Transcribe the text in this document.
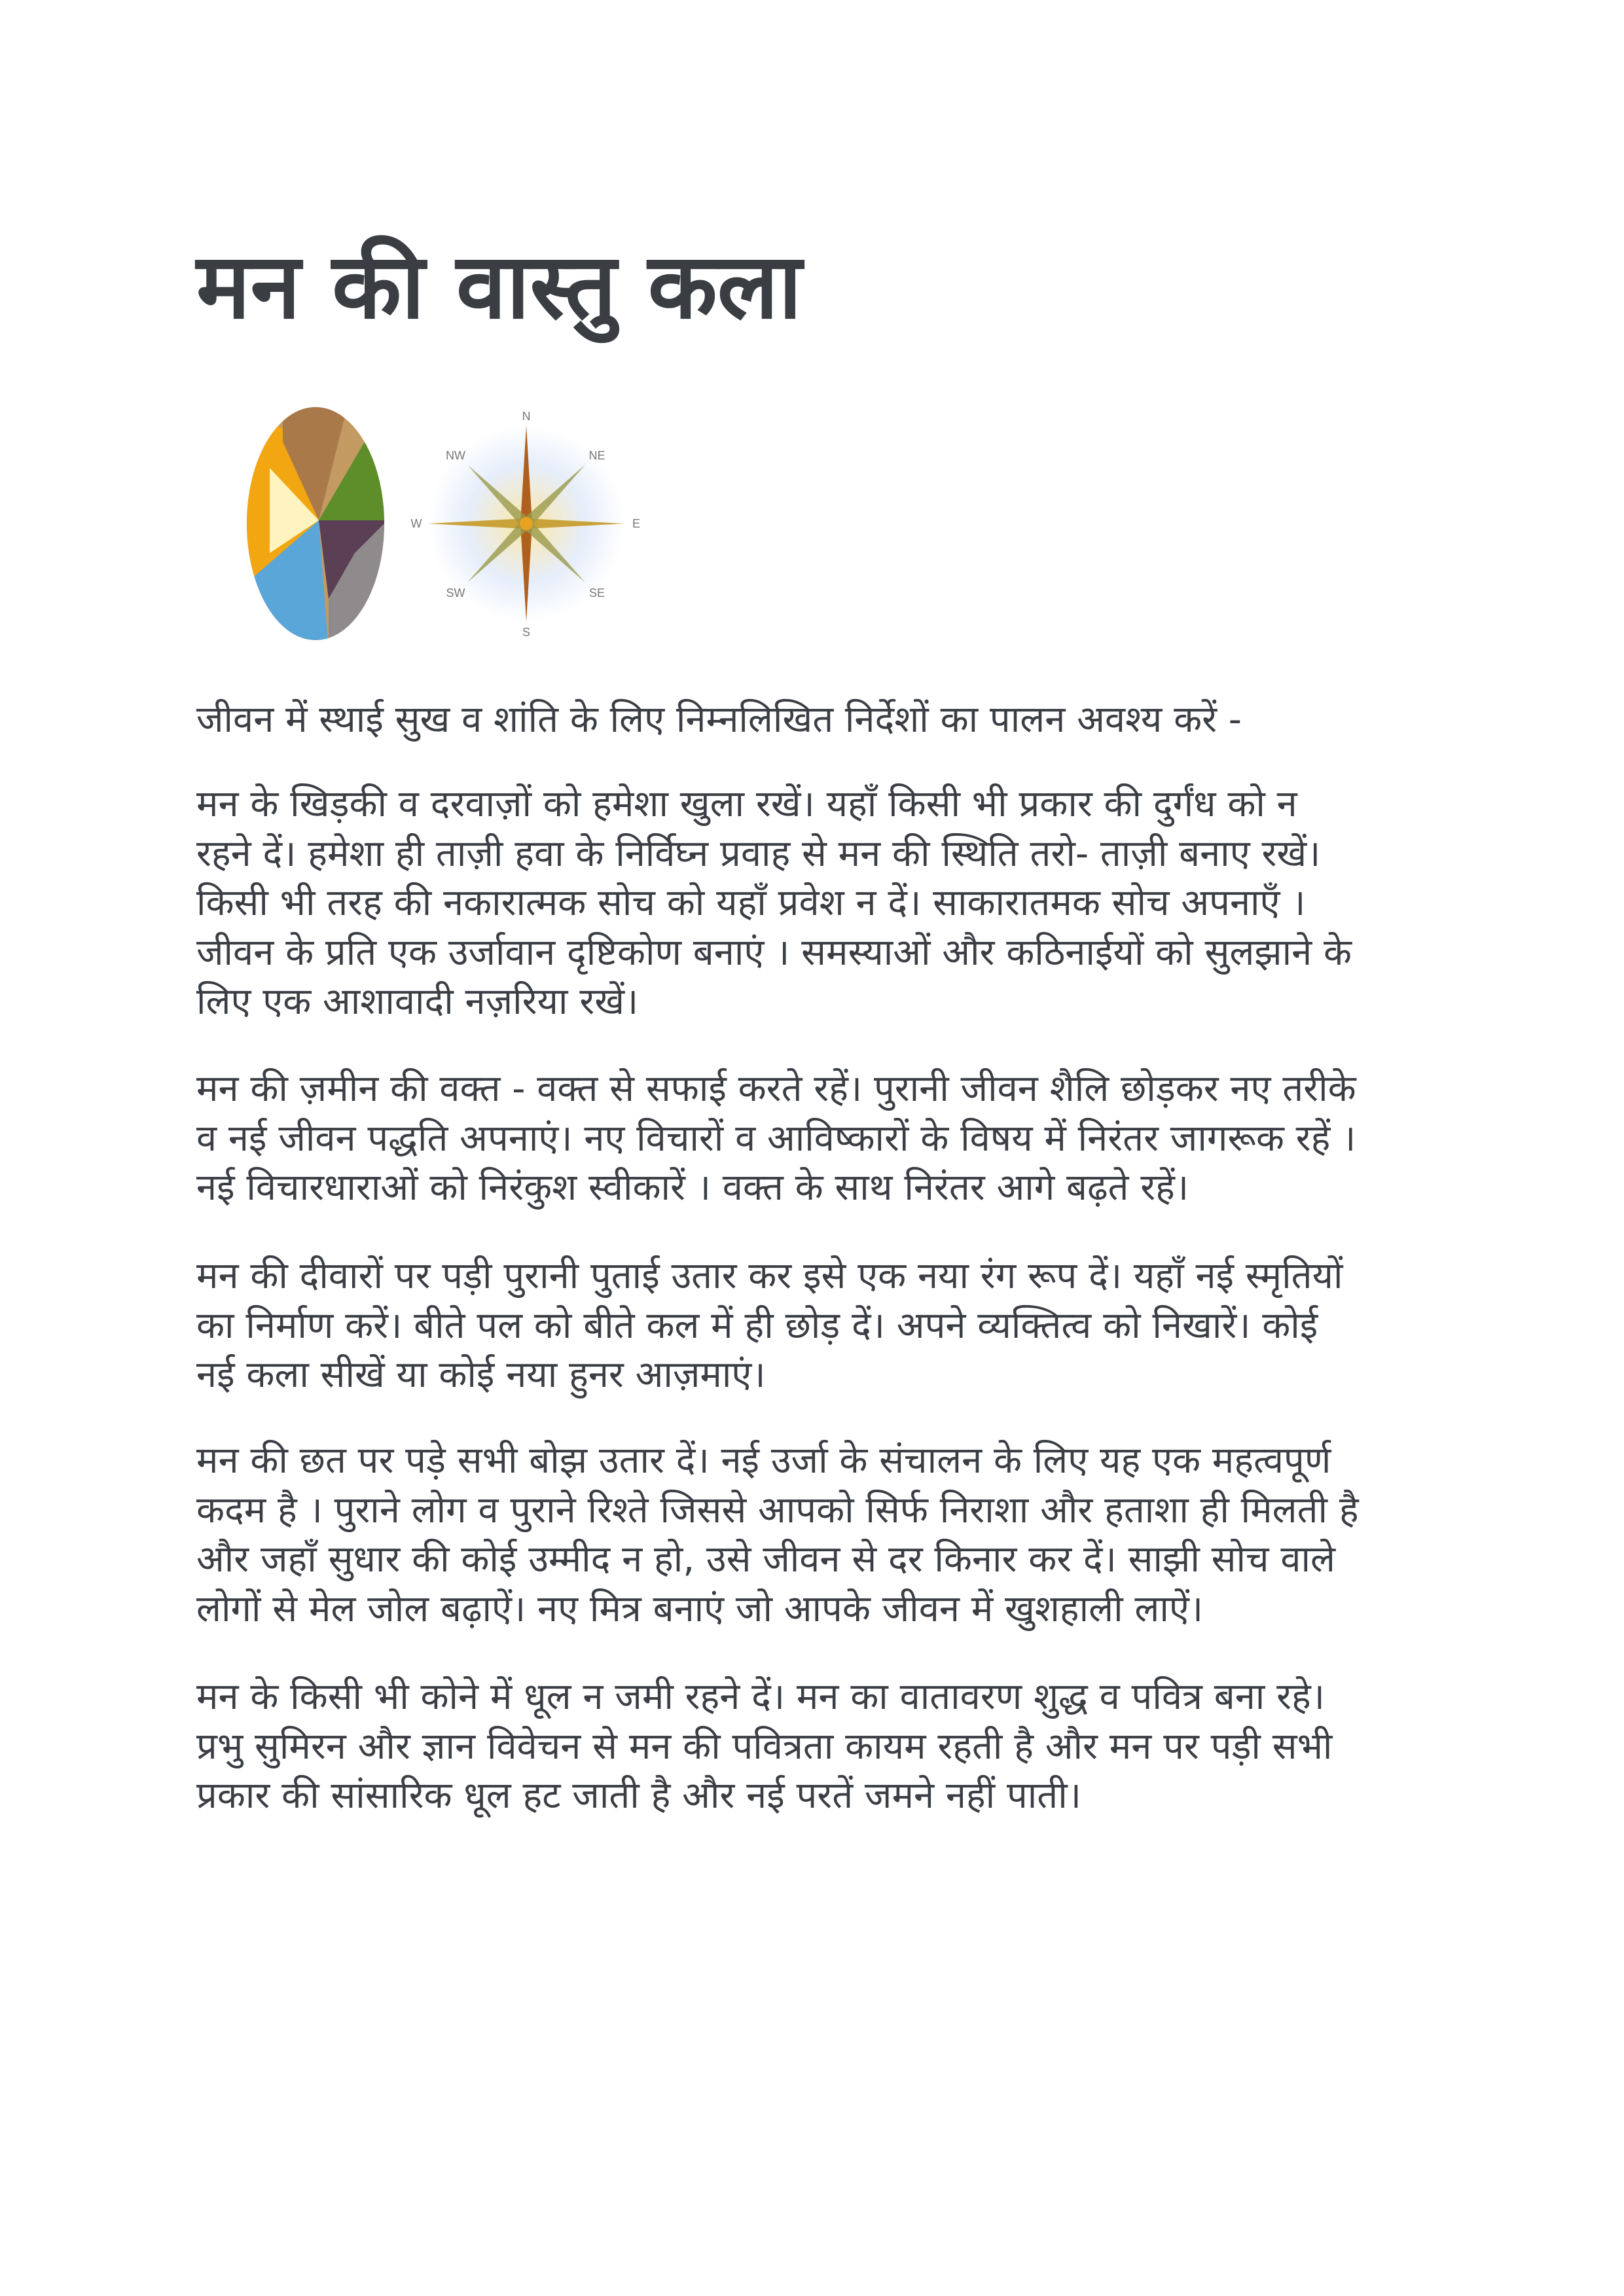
मन की वास्तु कला
N
S
E
W
NE
NW
SE
SW
जीवन में स्थाई सुख व शांति के लिए निम्नलिखित निर्देशों का पालन अवश्य करें -
मन के खिड़की व दरवाज़ों को हमेशा खुला रखें। यहाँ किसी भी प्रकार की दुर्गंध को न
रहने दें। हमेशा ही ताज़ी हवा के निर्विघ्न प्रवाह से मन की स्थिति तरो- ताज़ी बनाए रखें।
किसी भी तरह की नकारात्मक सोच को यहाँ प्रवेश न दें। साकारातमक सोच अपनाएँ ।
जीवन के प्रति एक उर्जावान दृष्टिकोण बनाएं । समस्याओं और कठिनाईयों को सुलझाने के
लिए एक आशावादी नज़रिया रखें।
मन की ज़मीन की वक्त - वक्त से सफाई करते रहें। पुरानी जीवन शैलि छोड़कर नए तरीके
व नई जीवन पद्धति अपनाएं। नए विचारों व आविष्कारों के विषय में निरंतर जागरूक रहें ।
नई विचारधाराओं को निरंकुश स्वीकारें । वक्त के साथ निरंतर आगे बढ़ते रहें।
मन की दीवारों पर पड़ी पुरानी पुताई उतार कर इसे एक नया रंग रूप दें। यहाँ नई स्मृतियों
का निर्माण करें। बीते पल को बीते कल में ही छोड़ दें। अपने व्यक्तित्व को निखारें। कोई
नई कला सीखें या कोई नया हुनर आज़माएं।
मन की छत पर पड़े सभी बोझ उतार दें। नई उर्जा के संचालन के लिए यह एक महत्वपूर्ण
कदम है । पुराने लोग व पुराने रिश्ते जिससे आपको सिर्फ निराशा और हताशा ही मिलती है
और जहाँ सुधार की कोई उम्मीद न हो, उसे जीवन से दर किनार कर दें। साझी सोच वाले
लोगों से मेल जोल बढ़ाऐं। नए मित्र बनाएं जो आपके जीवन में खुशहाली लाऐं।
मन के किसी भी कोने में धूल न जमी रहने दें। मन का वातावरण शुद्ध व पवित्र बना रहे।
प्रभु सुमिरन और ज्ञान विवेचन से मन की पवित्रता कायम रहती है और मन पर पड़ी सभी
प्रकार की सांसारिक धूल हट जाती है और नई परतें जमने नहीं पाती।
